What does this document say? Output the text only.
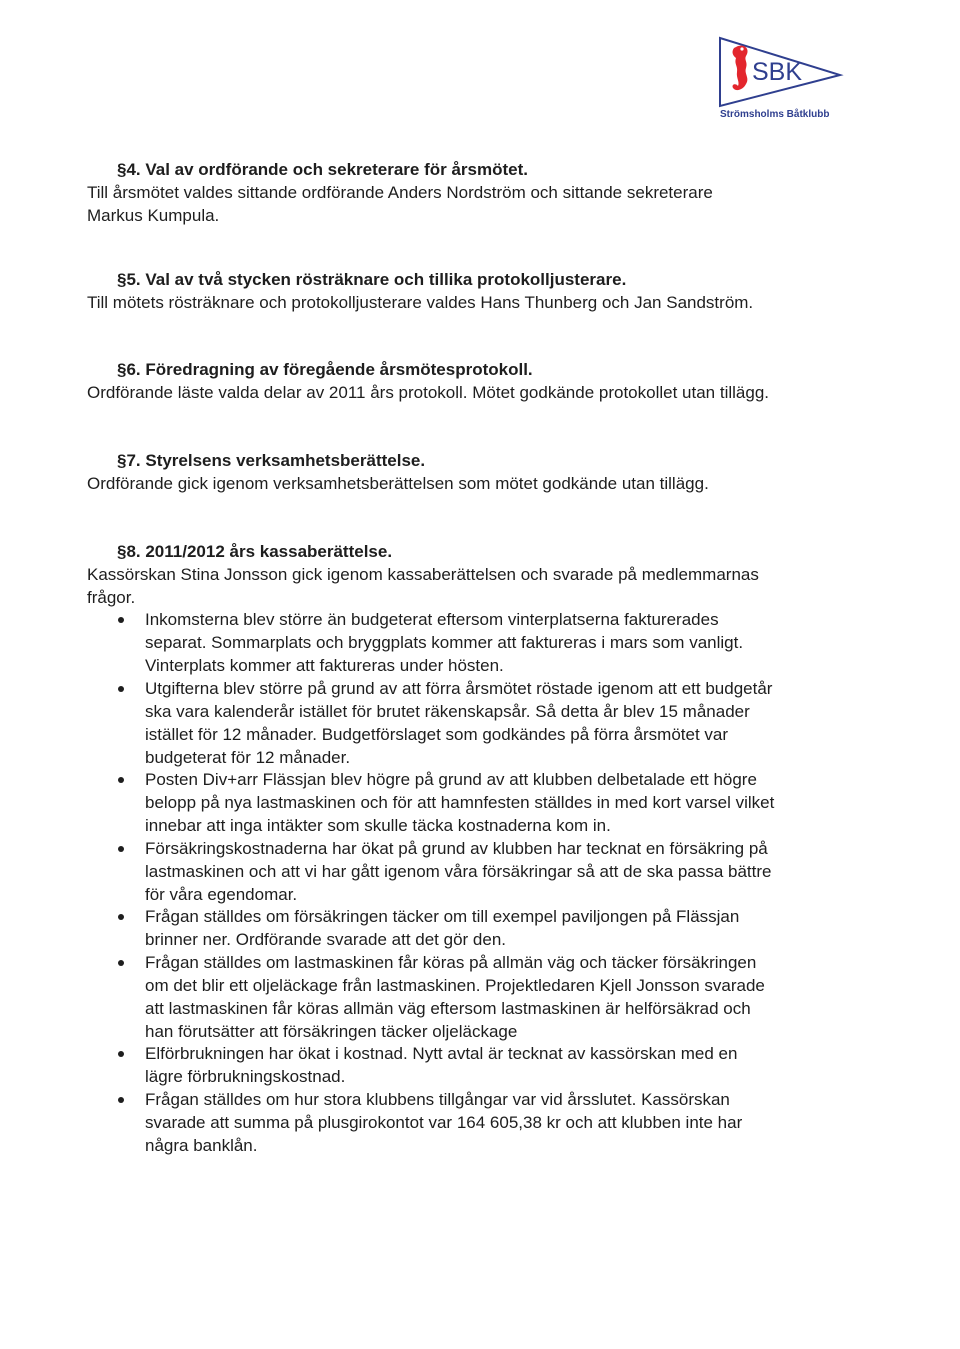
SBK
Strömsholms Båtklubb
§4. Val av ordförande och sekreterare för årsmötet.
Till årsmötet valdes sittande ordförande Anders Nordström och sittande sekreterare
Markus Kumpula.
§5. Val av två stycken rösträknare och tillika protokolljusterare.
Till mötets rösträknare och protokolljusterare valdes Hans Thunberg och Jan Sandström.
§6. Föredragning av föregående årsmötesprotokoll.
Ordförande läste valda delar av 2011 års protokoll. Mötet godkände protokollet utan tillägg.
§7. Styrelsens verksamhetsberättelse.
Ordförande gick igenom verksamhetsberättelsen som mötet godkände utan tillägg.
§8. 2011/2012 års kassaberättelse.
Kassörskan Stina Jonsson gick igenom kassaberättelsen och svarade på medlemmarnas
frågor.
Inkomsterna blev större än budgeterat eftersom vinterplatserna fakturerades
separat. Sommarplats och bryggplats kommer att faktureras i mars som vanligt.
Vinterplats kommer att faktureras under hösten.
Utgifterna blev större på grund av att förra årsmötet röstade igenom att ett budgetår
ska vara kalenderår istället för brutet räkenskapsår. Så detta år blev 15 månader
istället för 12 månader. Budgetförslaget som godkändes på förra årsmötet var
budgeterat för 12 månader.
Posten Div+arr Flässjan blev högre på grund av att klubben delbetalade ett högre
belopp på nya lastmaskinen och för att hamnfesten ställdes in med kort varsel vilket
innebar att inga intäkter som skulle täcka kostnaderna kom in.
Försäkringskostnaderna har ökat på grund av klubben har tecknat en försäkring på
lastmaskinen och att vi har gått igenom våra försäkringar så att de ska passa bättre
för våra egendomar.
Frågan ställdes om försäkringen täcker om till exempel paviljongen på Flässjan
brinner ner. Ordförande svarade att det gör den.
Frågan ställdes om lastmaskinen får köras på allmän väg och täcker försäkringen
om det blir ett oljeläckage från lastmaskinen. Projektledaren Kjell Jonsson svarade
att lastmaskinen får köras allmän väg eftersom lastmaskinen är helförsäkrad och
han förutsätter att försäkringen täcker oljeläckage
Elförbrukningen har ökat i kostnad. Nytt avtal är tecknat av kassörskan med en
lägre förbrukningskostnad.
Frågan ställdes om hur stora klubbens tillgångar var vid årsslutet. Kassörskan
svarade att summa på plusgirokontot var 164 605,38 kr och att klubben inte har
några banklån.
